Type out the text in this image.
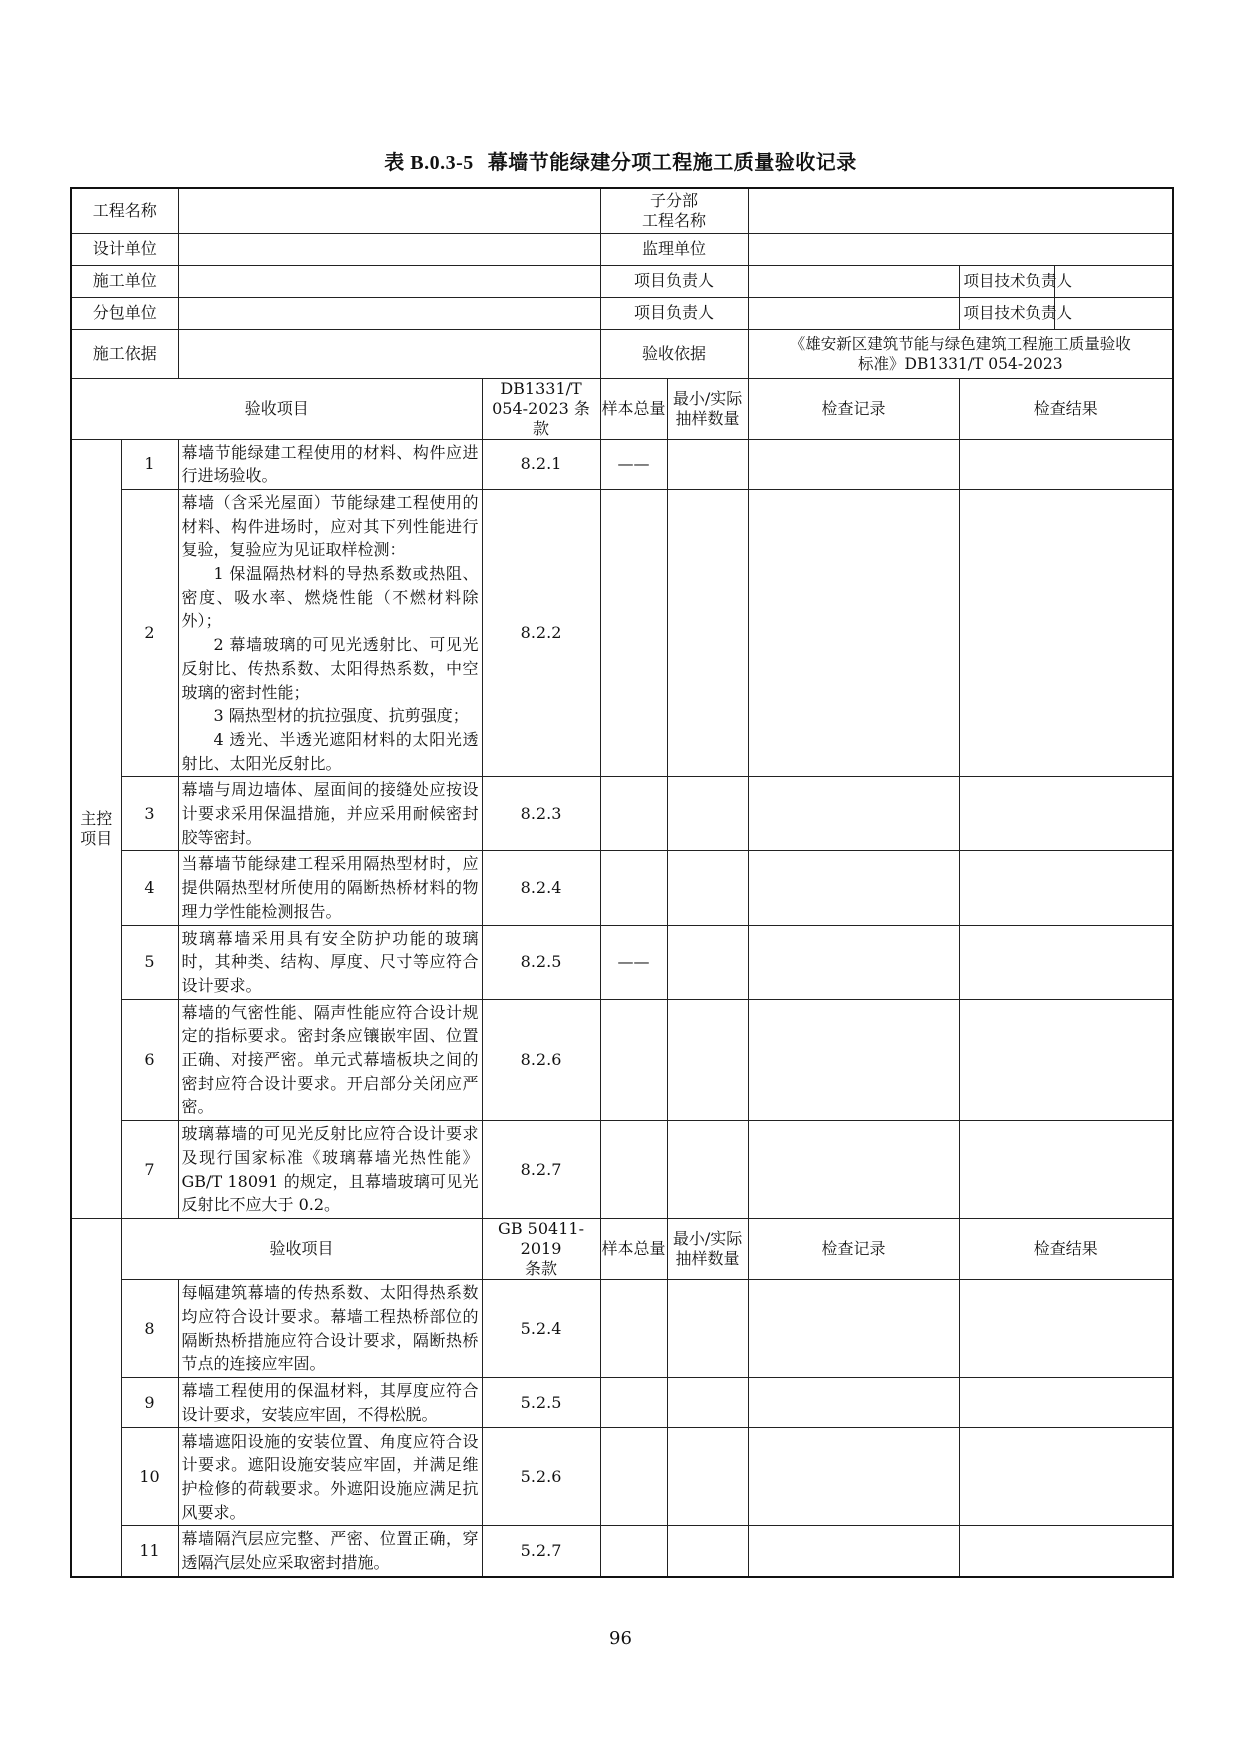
表 B.0.3-5 幕墙节能绿建分项工程施工质量验收记录
工程名称				子分部
工程名称				
设计单位				监理单位				
施工单位				项目负责人			项目技术负责人	
分包单位				项目负责人			项目技术负责人	
施工依据				验收依据		《雄安新区建筑节能与绿色建筑工程施工质量验收
标准》DB1331/T 054-2023		
验收项目			DB1331/T
054-2023 条款	样本总量	最小/实际
抽样数量	检查记录	检查结果	
主控
项目	1	幕墙节能绿建工程使用的材料、构件应进行进场验收。	8.2.1	——				
	2	幕墙（含采光屋面）节能绿建工程使用的材料、构件进场时，应对其下列性能进行复验，复验应为见证取样检测：
1 保温隔热材料的导热系数或热阻、密度、吸水率、燃烧性能（不燃材料除外）；
2 幕墙玻璃的可见光透射比、可见光反射比、传热系数、太阳得热系数，中空玻璃的密封性能；
3 隔热型材的抗拉强度、抗剪强度；
4 透光、半透光遮阳材料的太阳光透射比、太阳光反射比。	8.2.2					
	3	幕墙与周边墙体、屋面间的接缝处应按设计要求采用保温措施，并应采用耐候密封胶等密封。	8.2.3					
	4	当幕墙节能绿建工程采用隔热型材时，应提供隔热型材所使用的隔断热桥材料的物理力学性能检测报告。	8.2.4					
	5	玻璃幕墙采用具有安全防护功能的玻璃时，其种类、结构、厚度、尺寸等应符合设计要求。	8.2.5	——				
	6	幕墙的气密性能、隔声性能应符合设计规定的指标要求。密封条应镶嵌牢固、位置正确、对接严密。单元式幕墙板块之间的密封应符合设计要求。开启部分关闭应严密。	8.2.6					
	7	玻璃幕墙的可见光反射比应符合设计要求及现行国家标准《玻璃幕墙光热性能》GB/T 18091 的规定，且幕墙玻璃可见光反射比不应大于 0.2。	8.2.7					
	验收项目		GB 50411-2019
条款	样本总量	最小/实际
抽样数量	检查记录	检查结果	
	8	每幅建筑幕墙的传热系数、太阳得热系数均应符合设计要求。幕墙工程热桥部位的隔断热桥措施应符合设计要求，隔断热桥节点的连接应牢固。	5.2.4					
	9	幕墙工程使用的保温材料，其厚度应符合设计要求，安装应牢固，不得松脱。	5.2.5					
	10	幕墙遮阳设施的安装位置、角度应符合设计要求。遮阳设施安装应牢固，并满足维护检修的荷载要求。外遮阳设施应满足抗风要求。	5.2.6					
	11	幕墙隔汽层应完整、严密、位置正确，穿透隔汽层处应采取密封措施。	5.2.7					
96
